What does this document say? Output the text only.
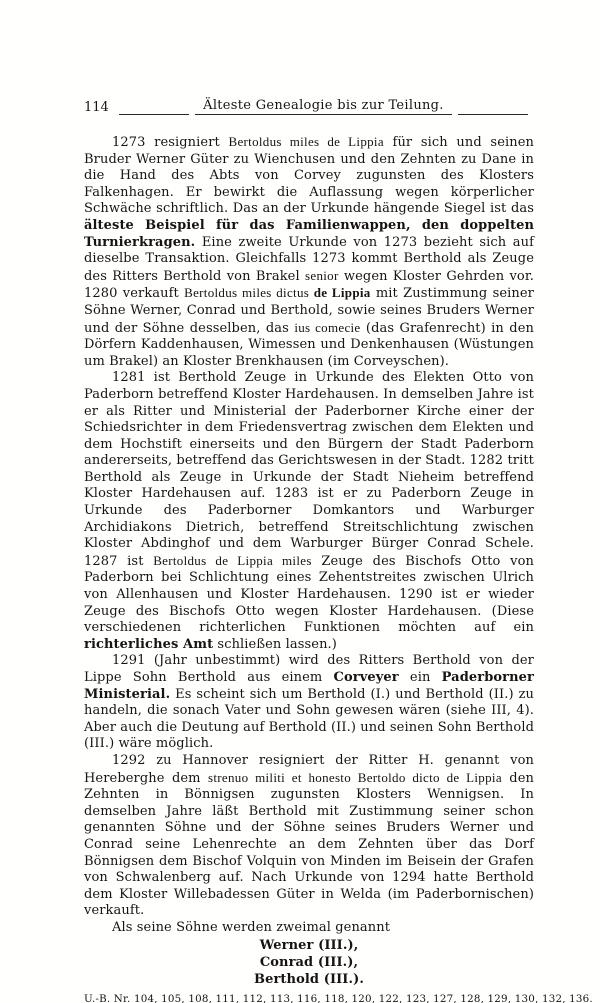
114	Älteste Genealogie bis zur Teilung.

1273 resigniert Bertoldus miles de Lippia für sich und seinen Bruder Werner Güter zu Wienchusen und den Zehnten zu Dane in die Hand des Abts von Corvey zugunsten des Klosters Falkenhagen. Er bewirkt die Auflassung wegen körperlicher Schwäche schriftlich. Das an der Urkunde hängende Siegel ist das älteste Beispiel für das Familienwappen, den doppelten Turnierkragen. Eine zweite Urkunde von 1273 bezieht sich auf dieselbe Transaktion. Gleichfalls 1273 kommt Berthold als Zeuge des Ritters Berthold von Brakel senior wegen Kloster Gehrden vor. 1280 verkauft Bertoldus miles dictus de Lippia mit Zustimmung seiner Söhne Werner, Conrad und Berthold, sowie seines Bruders Werner und der Söhne desselben, das ius comecie (das Grafenrecht) in den Dörfern Kaddenhausen, Wimessen und Denkenhausen (Wüstungen um Brakel) an Kloster Brenkhausen (im Corveyschen).

1281 ist Berthold Zeuge in Urkunde des Elekten Otto von Paderborn betreffend Kloster Hardehausen. In demselben Jahre ist er als Ritter und Ministerial der Paderborner Kirche einer der Schiedsrichter in dem Friedensvertrag zwischen dem Elekten und dem Hochstift einerseits und den Bürgern der Stadt Paderborn andererseits, betreffend das Gerichtswesen in der Stadt. 1282 tritt Berthold als Zeuge in Urkunde der Stadt Nieheim betreffend Kloster Hardehausen auf. 1283 ist er zu Paderborn Zeuge in Urkunde des Paderborner Domkantors und Warburger Archidiakons Dietrich, betreffend Streitschlichtung zwischen Kloster Abdinghof und dem Warburger Bürger Conrad Schele. 1287 ist Bertoldus de Lippia miles Zeuge des Bischofs Otto von Paderborn bei Schlichtung eines Zehentstreites zwischen Ulrich von Allenhausen und Kloster Hardehausen. 1290 ist er wieder Zeuge des Bischofs Otto wegen Kloster Hardehausen. (Diese verschiedenen richterlichen Funktionen möchten auf ein richterliches Amt schließen lassen.)

1291 (Jahr unbestimmt) wird des Ritters Berthold von der Lippe Sohn Berthold aus einem Corveyer ein Paderborner Ministerial. Es scheint sich um Berthold (I.) und Berthold (II.) zu handeln, die sonach Vater und Sohn gewesen wären (siehe III, 4). Aber auch die Deutung auf Berthold (II.) und seinen Sohn Berthold (III.) wäre möglich.

1292 zu Hannover resigniert der Ritter H. genannt von Hereberghe dem strenuo militi et honesto Bertoldo dicto de Lippia den Zehnten in Bönnigsen zugunsten Klosters Wennigsen. In demselben Jahre läßt Berthold mit Zustimmung seiner schon genannten Söhne und der Söhne seines Bruders Werner und Conrad seine Lehenrechte an dem Zehnten über das Dorf Bönnigsen dem Bischof Volquin von Minden im Beisein der Grafen von Schwalenberg auf. Nach Urkunde von 1294 hatte Berthold dem Kloster Willebadessen Güter in Welda (im Paderbornischen) verkauft.

Als seine Söhne werden zweimal genannt

Werner (III.),
Conrad (III.),
Berthold (III.).
U.-B. Nr. 104, 105, 108, 111, 112, 113, 116, 118, 120, 122, 123, 127, 128, 129, 130, 132, 136.
